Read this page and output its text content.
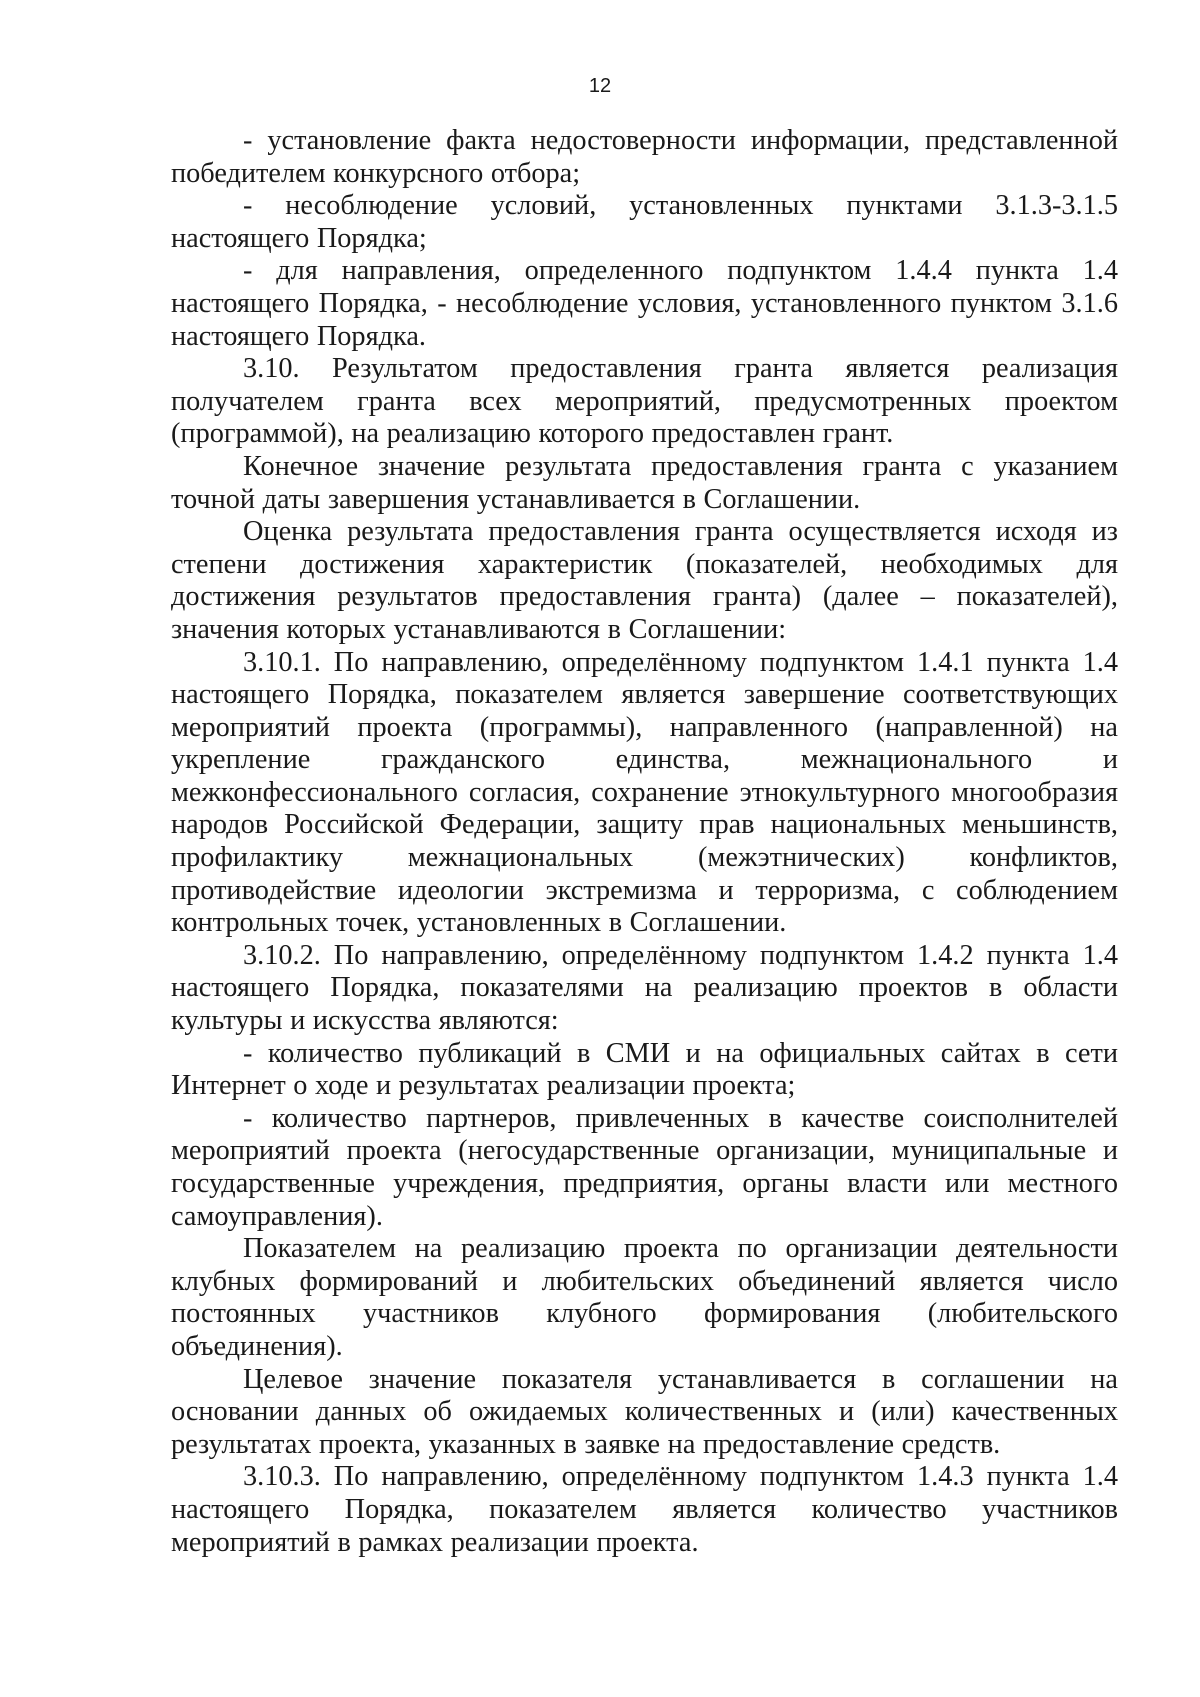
12

- установление факта недостоверности информации, представленной победителем конкурсного отбора;

- несоблюдение условий, установленных пунктами 3.1.3-3.1.5 настоящего Порядка;

- для направления, определенного подпунктом 1.4.4 пункта 1.4 настоящего Порядка, - несоблюдение условия, установленного пунктом 3.1.6 настоящего Порядка.

3.10. Результатом предоставления гранта является реализация получателем гранта всех мероприятий, предусмотренных проектом (программой), на реализацию которого предоставлен грант.

Конечное значение результата предоставления гранта с указанием точной даты завершения устанавливается в Соглашении.

Оценка результата предоставления гранта осуществляется исходя из степени достижения характеристик (показателей, необходимых для достижения результатов предоставления гранта) (далее – показателей), значения которых устанавливаются в Соглашении:

3.10.1. По направлению, определённому подпунктом 1.4.1 пункта 1.4 настоящего Порядка, показателем является завершение соответствующих мероприятий проекта (программы), направленного (направленной) на укрепление гражданского единства, межнационального и межконфессионального согласия, сохранение этнокультурного многообразия народов Российской Федерации, защиту прав национальных меньшинств, профилактику межнациональных (межэтнических) конфликтов, противодействие идеологии экстремизма и терроризма, с соблюдением контрольных точек, установленных в Соглашении.

3.10.2. По направлению, определённому подпунктом 1.4.2 пункта 1.4 настоящего Порядка, показателями на реализацию проектов в области культуры и искусства являются:

- количество публикаций в СМИ и на официальных сайтах в сети Интернет о ходе и результатах реализации проекта;

- количество партнеров, привлеченных в качестве соисполнителей мероприятий проекта (негосударственные организации, муниципальные и государственные учреждения, предприятия, органы власти или местного самоуправления).

Показателем на реализацию проекта по организации деятельности клубных формирований и любительских объединений является число постоянных участников клубного формирования (любительского объединения).

Целевое значение показателя устанавливается в соглашении на основании данных об ожидаемых количественных и (или) качественных результатах проекта, указанных в заявке на предоставление средств.

3.10.3. По направлению, определённому подпунктом 1.4.3 пункта 1.4 настоящего Порядка, показателем является количество участников мероприятий в рамках реализации проекта.
